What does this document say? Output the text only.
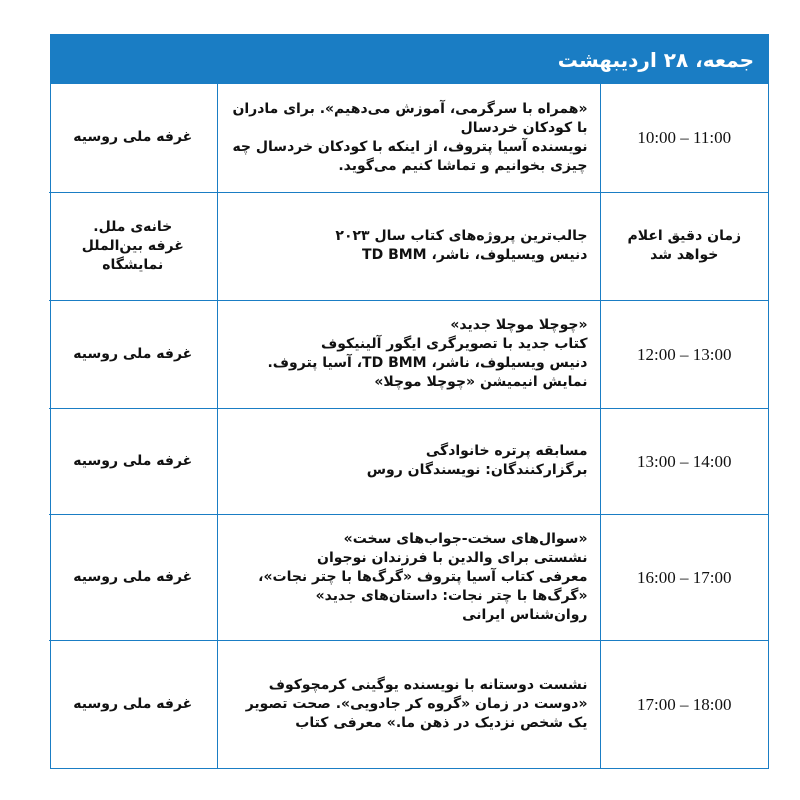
جمعه، ۲۸ اردیبهشت
10:00 – 11:00	«همراه با سرگرمی، آموزش می‌دهیم». برای مادران با کودکان خردسال
نویسنده آسیا پتروف، از اینکه با کودکان خردسال چه چیزی بخوانیم و تماشا کنیم می‌گوید.	غرفه ملی روسیه

زمان دقیق اعلام خواهد شد	جالب‌ترین پروژه‌های کتاب سال ۲۰۲۳
دنیس ویسیلوف، ناشر، TD BMM	خانه‌ی ملل.
غرفه بین‌الملل
نمایشگاه

12:00 – 13:00	«چوچلا موچلا جدید»
کتاب جدید با تصویرگری ایگور آلینیکوف
دنیس ویسیلوف، ناشر، TD BMM، آسیا پتروف.
نمایش انیمیشن «چوچلا موچلا»	غرفه ملی روسیه

13:00 – 14:00	مسابقه پرتره خانوادگی
برگزارکنندگان: نویسندگان روس	غرفه ملی روسیه

16:00 – 17:00	«سوال‌های سخت-جواب‌های سخت»
نشستی برای والدین با فرزندان نوجوان
معرفی کتاب آسیا پتروف «گرگ‌ها با چتر نجات»، «گرگ‌ها با چتر نجات: داستان‌های جدید»
روان‌شناس ایرانی	غرفه ملی روسیه

17:00 – 18:00	نشست دوستانه با نویسنده یوگینی کرمچوکوف
«دوست در زمان «گروه کر جادویی». صحت تصویر یک شخص نزدیک در ذهن ما.» معرفی کتاب	غرفه ملی روسیه
